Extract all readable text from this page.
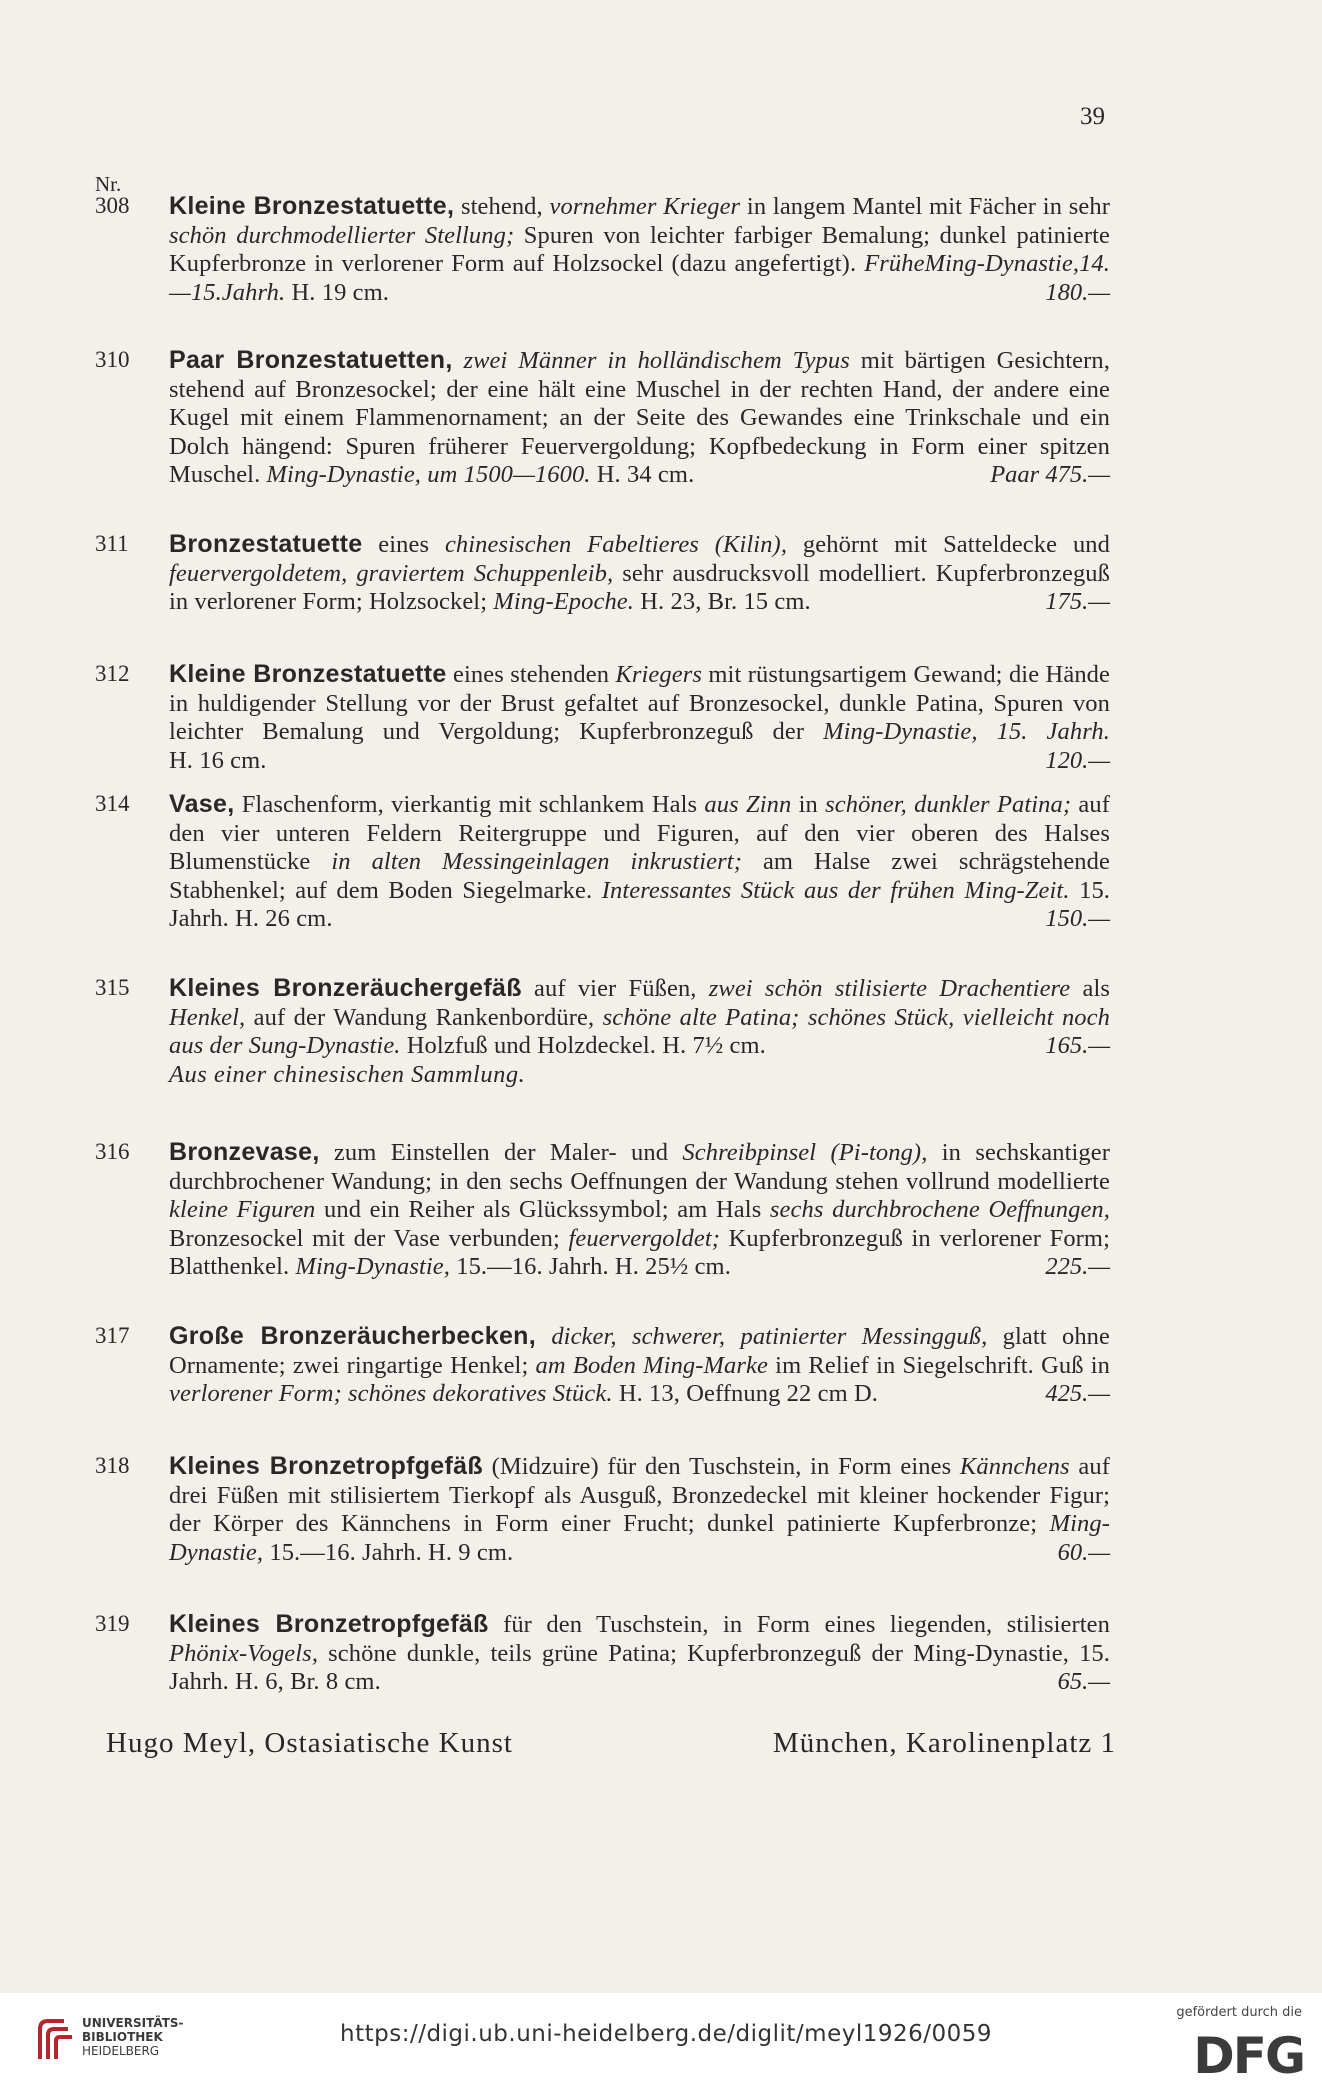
39
Nr.
308 Kleine Bronzestatuette, stehend, vornehmer Krieger in langem Mantel mit Fächer in sehr schön durchmodellierter Stellung; Spuren von leichter farbiger Bemalung; dunkel patinierte Kupferbronze in verlorener Form auf Holzsockel (dazu angefertigt). FrüheMing-Dynastie,14.—15.Jahrh. H. 19 cm.	180.—
310 Paar Bronzestatuetten, zwei Männer in holländischem Typus mit bärtigen Gesichtern, stehend auf Bronzesockel; der eine hält eine Muschel in der rechten Hand, der andere eine Kugel mit einem Flammenornament; an der Seite des Gewandes eine Trinkschale und ein Dolch hängend: Spuren früherer Feuervergoldung; Kopfbedeckung in Form einer spitzen Muschel. Ming-Dynastie, um 1500—1600. H. 34 cm.	Paar 475.—
311 Bronzestatuette eines chinesischen Fabeltieres (Kilin), gehörnt mit Satteldecke und feuervergoldetem, graviertem Schuppenleib, sehr ausdrucksvoll modelliert. Kupferbronzeguß in verlorener Form; Holzsockel; Ming-Epoche. H. 23, Br. 15 cm.	175.—
312 Kleine Bronzestatuette eines stehenden Kriegers mit rüstungsartigem Gewand; die Hände in huldigender Stellung vor der Brust gefaltet auf Bronzesockel, dunkle Patina, Spuren von leichter Bemalung und Vergoldung; Kupferbronzeguß der Ming-Dynastie, 15. Jahrh. H. 16 cm.	120.—
314 Vase, Flaschenform, vierkantig mit schlankem Hals aus Zinn in schöner, dunkler Patina; auf den vier unteren Feldern Reitergruppe und Figuren, auf den vier oberen des Halses Blumenstücke in alten Messingeinlagen inkrustiert; am Halse zwei schrägstehende Stabhenkel; auf dem Boden Siegelmarke. Interessantes Stück aus der frühen Ming-Zeit. 15. Jahrh. H. 26 cm.	150.—
315 Kleines Bronzeräuchergefäß auf vier Füßen, zwei schön stilisierte Drachentiere als Henkel, auf der Wandung Rankenbordüre, schöne alte Patina; schönes Stück, vielleicht noch aus der Sung-Dynastie. Holzfuß und Holzdeckel. H. 7½ cm.	165.—
Aus einer chinesischen Sammlung.
316 Bronzevase, zum Einstellen der Maler- und Schreibpinsel (Pi-tong), in sechskantiger durchbrochener Wandung; in den sechs Oeffnungen der Wandung stehen vollrund modellierte kleine Figuren und ein Reiher als Glückssymbol; am Hals sechs durchbrochene Oeffnungen, Bronzesockel mit der Vase verbunden; feuervergoldet; Kupferbronzeguß in verlorener Form; Blatthenkel. Ming-Dynastie, 15.—16. Jahrh. H. 25½ cm.	225.—
317 Große Bronzeräucherbecken, dicker, schwerer, patinierter Messingguß, glatt ohne Ornamente; zwei ringartige Henkel; am Boden Ming-Marke im Relief in Siegelschrift. Guß in verlorener Form; schönes dekoratives Stück. H. 13, Oeffnung 22 cm D.	425.—
318 Kleines Bronzetropfgefäß (Midzuire) für den Tuschstein, in Form eines Kännchens auf drei Füßen mit stilisiertem Tierkopf als Ausguß, Bronzedeckel mit kleiner hockender Figur; der Körper des Kännchens in Form einer Frucht; dunkel patinierte Kupferbronze; Ming-Dynastie, 15.—16. Jahrh. H. 9 cm.	60.—
319 Kleines Bronzetropfgefäß für den Tuschstein, in Form eines liegenden, stilisierten Phönix-Vogels, schöne dunkle, teils grüne Patina; Kupferbronzeguß der Ming-Dynastie, 15. Jahrh. H. 6, Br. 8 cm.	65.—
Hugo Meyl, Ostasiatische Kunst	München, Karolinenplatz 1
UNIVERSITÄTS-
BIBLIOTHEK
HEIDELBERG
https://digi.ub.uni-heidelberg.de/diglit/meyl1926/0059
gefördert durch die
DFG
